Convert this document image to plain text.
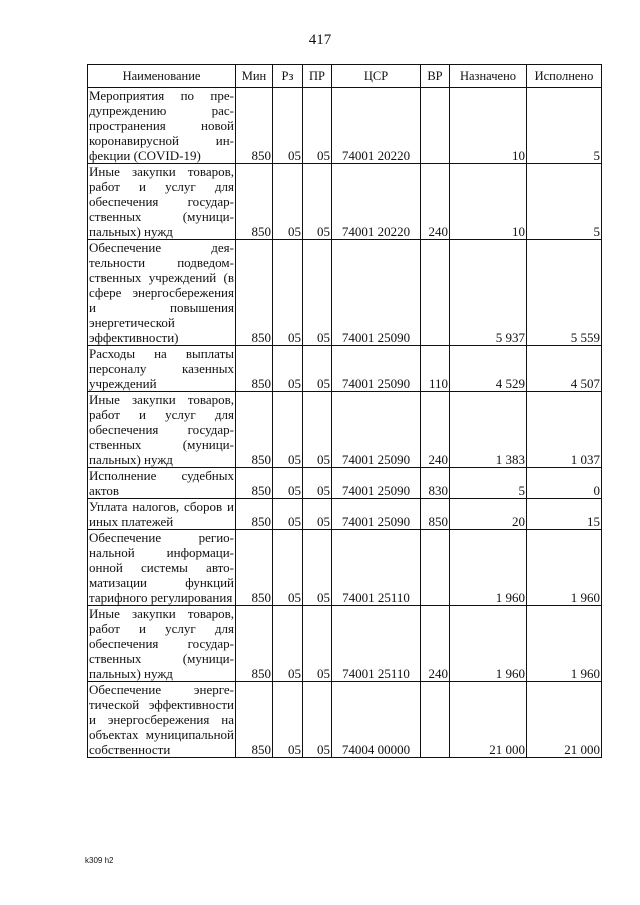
417
Наименование	Мин	Рз	ПР	ЦСР	ВР	Назначено	Исполнено
Мероприятия по предупреждению распространения новой коронавирусной инфекции (COVID-19)	850	05	05	74001 20220		10	5
Иные закупки товаров, работ и услуг для обеспечения государственных (муниципальных) нужд	850	05	05	74001 20220	240	10	5
Обеспечение деятельности подведомственных учреждений (в сфере энергосбережения и повышения энергетической эффективности)	850	05	05	74001 25090		5 937	5 559
Расходы на выплаты персоналу казенных учреждений	850	05	05	74001 25090	110	4 529	4 507
Иные закупки товаров, работ и услуг для обеспечения государственных (муниципальных) нужд	850	05	05	74001 25090	240	1 383	1 037
Исполнение судебных актов	850	05	05	74001 25090	830	5	0
Уплата налогов, сборов и иных платежей	850	05	05	74001 25090	850	20	15
Обеспечение региональной информационной системы автоматизации функций тарифного регулирования	850	05	05	74001 25110		1 960	1 960
Иные закупки товаров, работ и услуг для обеспечения государственных (муниципальных) нужд	850	05	05	74001 25110	240	1 960	1 960
Обеспечение энергетической эффективности и энергосбережения на объектах муниципальной собственности	850	05	05	74004 00000		21 000	21 000
k309 h2
